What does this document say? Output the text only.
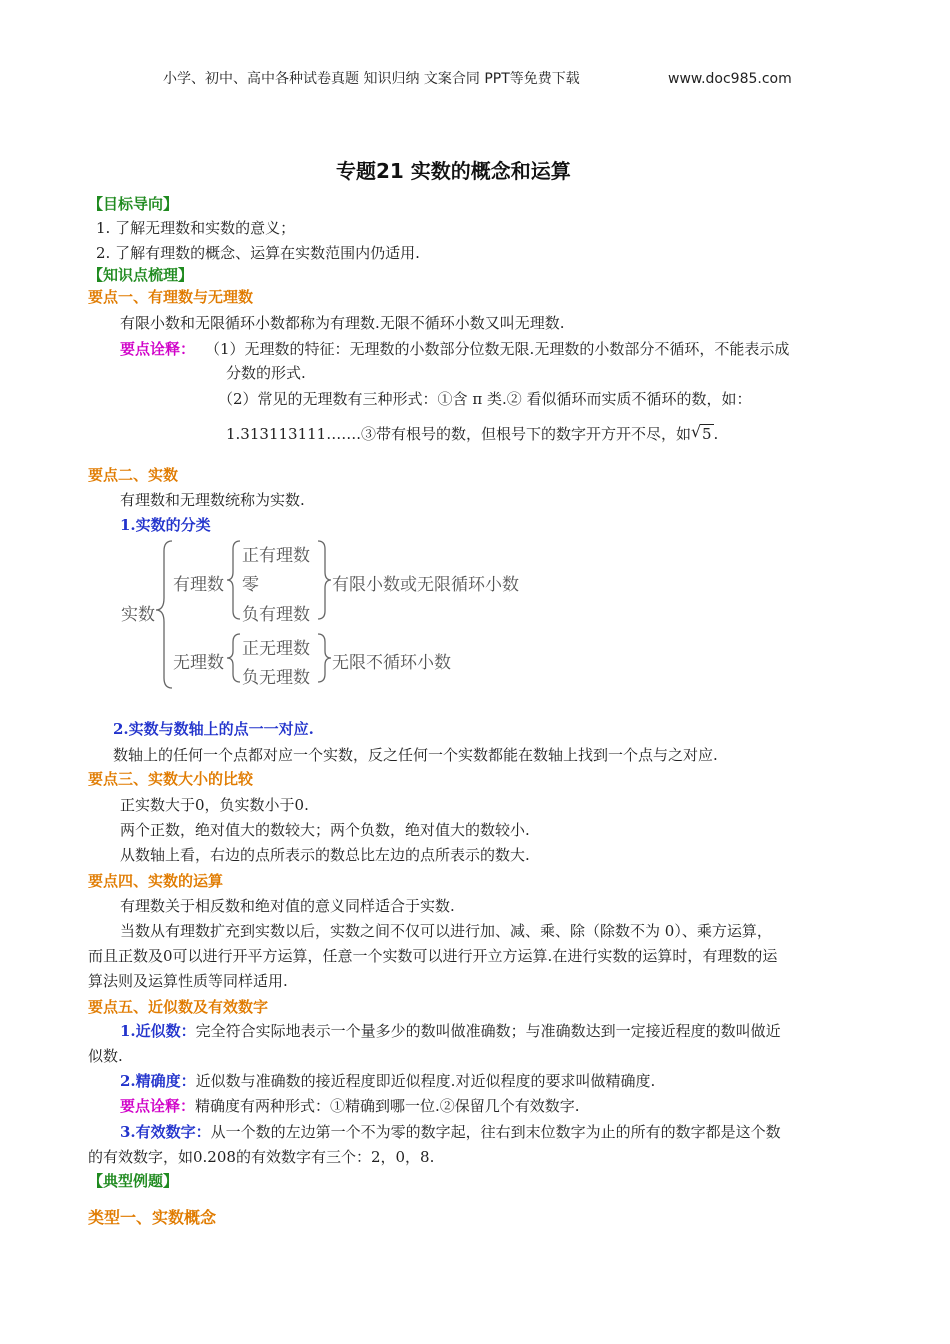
小学、初中、高中各种试卷真题 知识归纳 文案合同 PPT等免费下载	www.doc985.com
专题21 实数的概念和运算
【目标导向】
1. 了解无理数和实数的意义；
2. 了解有理数的概念、运算在实数范围内仍适用.
【知识点梳理】
要点一、有理数与无理数
有限小数和无限循环小数都称为有理数.无限不循环小数又叫无理数.
要点诠释： （1）无理数的特征：无理数的小数部分位数无限.无理数的小数部分不循环，不能表示成
分数的形式.
（2）常见的无理数有三种形式：①含 π 类.② 看似循环而实质不循环的数，如：
1.313113111…….③带有根号的数，但根号下的数字开方开不尽，如 √ 5 .
要点二、实数
有理数和无理数统称为实数.
1.实数的分类
实数
有理数
正有理数
零
负有理数
有限小数或无限循环小数
无理数
正无理数
负无理数
无限不循环小数
2.实数与数轴上的点一一对应.
数轴上的任何一个点都对应一个实数，反之任何一个实数都能在数轴上找到一个点与之对应.
要点三、实数大小的比较
正实数大于0，负实数小于0.
两个正数，绝对值大的数较大；两个负数，绝对值大的数较小.
从数轴上看，右边的点所表示的数总比左边的点所表示的数大.
要点四、实数的运算
有理数关于相反数和绝对值的意义同样适合于实数.
当数从有理数扩充到实数以后，实数之间不仅可以进行加、减、乘、除（除数不为 0）、乘方运算，
而且正数及0可以进行开平方运算，任意一个实数可以进行开立方运算.在进行实数的运算时，有理数的运
算法则及运算性质等同样适用.
要点五、近似数及有效数字
1.近似数：完全符合实际地表示一个量多少的数叫做准确数；与准确数达到一定接近程度的数叫做近
似数.
2.精确度：近似数与准确数的接近程度即近似程度.对近似程度的要求叫做精确度.
要点诠释：精确度有两种形式：①精确到哪一位.②保留几个有效数字.
3.有效数字：从一个数的左边第一个不为零的数字起，往右到末位数字为止的所有的数字都是这个数
的有效数字，如0.208的有效数字有三个：2，0，8.
【典型例题】
类型一、实数概念
